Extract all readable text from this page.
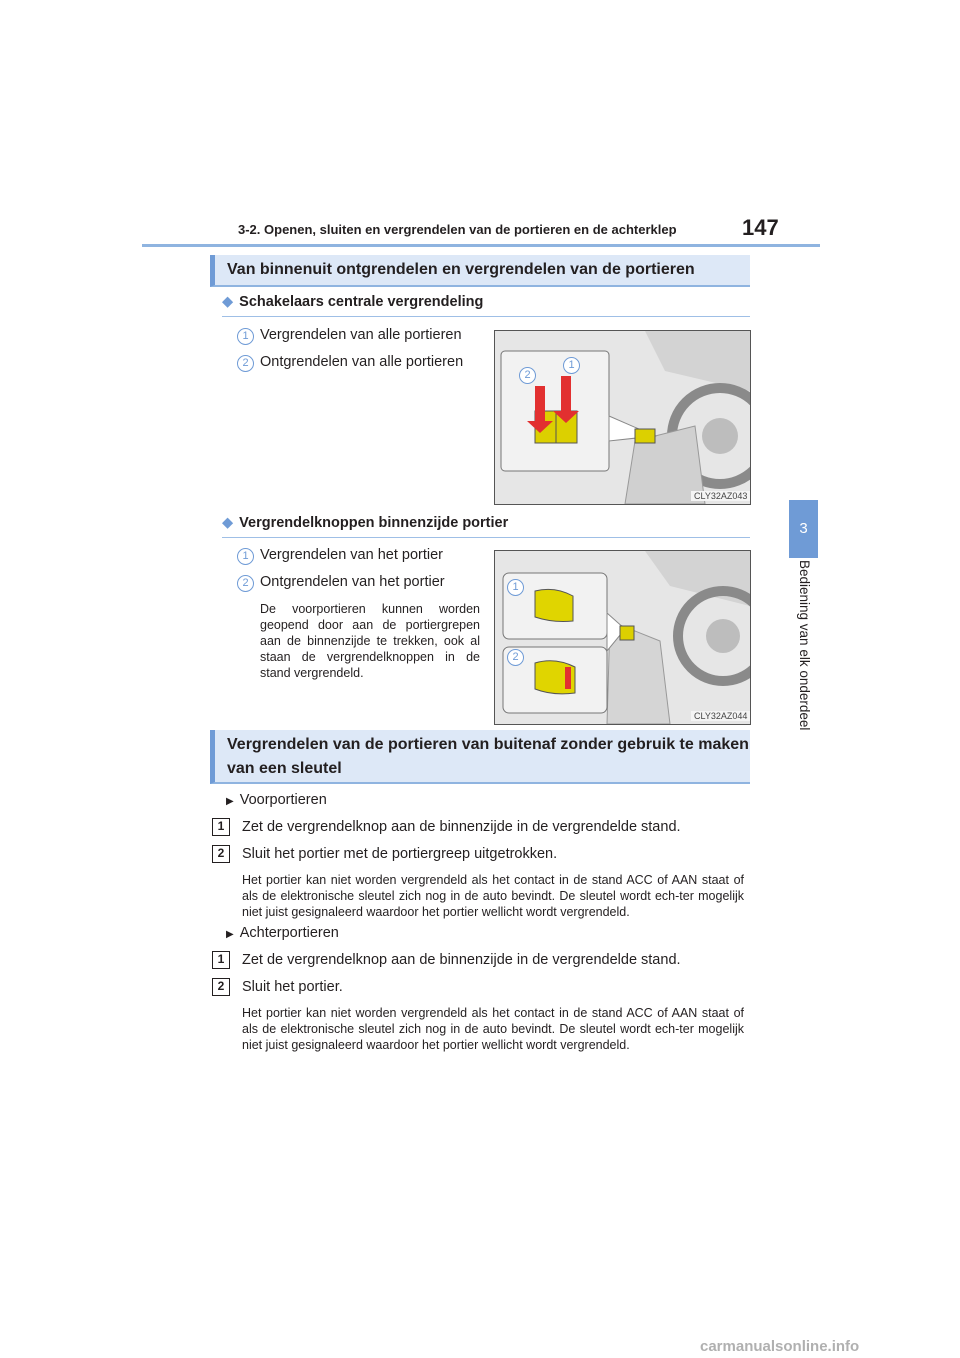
3-2. Openen, sluiten en vergrendelen van de portieren en de achterklep	147
3
Bediening van elk onderdeel
Van binnenuit ontgrendelen en vergrendelen van de portieren
◆ Schakelaars centrale vergrendeling
1 Vergrendelen van alle portieren
2 Ontgrendelen van alle portieren
2
1
CLY32AZ043
◆ Vergrendelknoppen binnenzijde portier
1 Vergrendelen van het portier
2 Ontgrendelen van het portier
De voorportieren kunnen worden geopend door aan de portiergrepen aan de binnenzijde te trekken, ook al staan de vergrendelknoppen in de stand vergrendeld.
1
2
CLY32AZ044
Vergrendelen van de portieren van buitenaf zonder gebruik te maken
van een sleutel
▶ Voorportieren
1	Zet de vergrendelknop aan de binnenzijde in de vergrendelde stand.
2	Sluit het portier met de portiergreep uitgetrokken.
Het portier kan niet worden vergrendeld als het contact in de stand ACC of AAN staat of als de elektronische sleutel zich nog in de auto bevindt. De sleutel wordt ech-ter mogelijk niet juist gesignaleerd waardoor het portier wellicht wordt vergrendeld.
▶ Achterportieren
1	Zet de vergrendelknop aan de binnenzijde in de vergrendelde stand.
2	Sluit het portier.
Het portier kan niet worden vergrendeld als het contact in de stand ACC of AAN staat of als de elektronische sleutel zich nog in de auto bevindt. De sleutel wordt ech-ter mogelijk niet juist gesignaleerd waardoor het portier wellicht wordt vergrendeld.
carmanualsonline.info
